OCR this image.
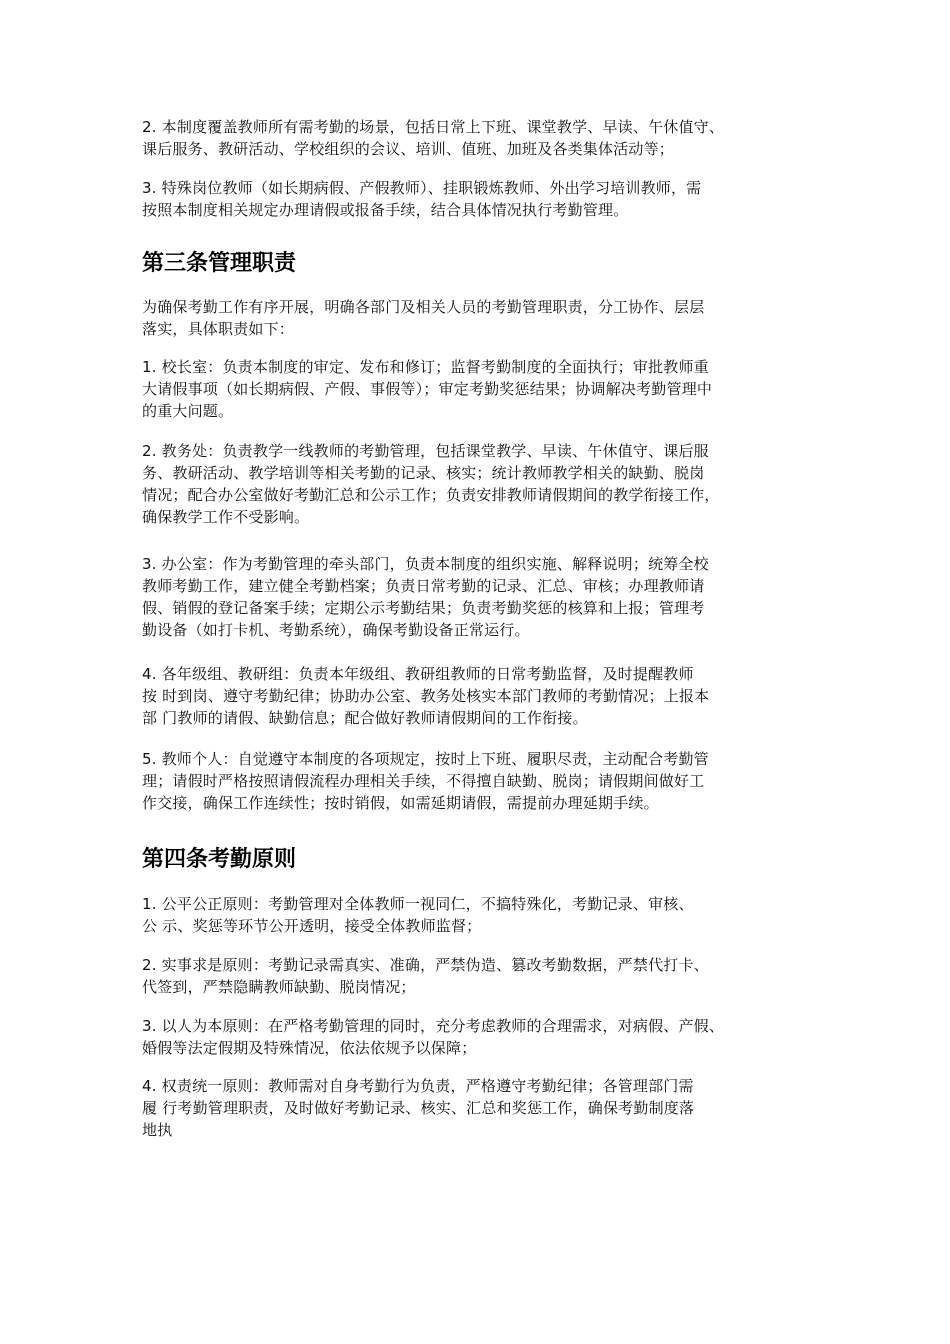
2. 本制度覆盖教师所有需考勤的场景，包括日常上下班、课堂教学、早读、午休值守、
课后服务、教研活动、学校组织的会议、培训、值班、加班及各类集体活动等；
3. 特殊岗位教师（如长期病假、产假教师）、挂职锻炼教师、外出学习培训教师，需
按照本制度相关规定办理请假或报备手续，结合具体情况执行考勤管理。
第三条管理职责
为确保考勤工作有序开展，明确各部门及相关人员的考勤管理职责，分工协作、层层
落实，具体职责如下：
1. 校长室：负责本制度的审定、发布和修订；监督考勤制度的全面执行；审批教师重
大请假事项（如长期病假、产假、事假等）；审定考勤奖惩结果；协调解决考勤管理中
的重大问题。
2. 教务处：负责教学一线教师的考勤管理，包括课堂教学、早读、午休值守、课后服
务、教研活动、教学培训等相关考勤的记录、核实；统计教师教学相关的缺勤、脱岗
情况；配合办公室做好考勤汇总和公示工作；负责安排教师请假期间的教学衔接工作，
确保教学工作不受影响。
3. 办公室：作为考勤管理的牵头部门，负责本制度的组织实施、解释说明；统筹全校
教师考勤工作，建立健全考勤档案；负责日常考勤的记录、汇总、审核；办理教师请
假、销假的登记备案手续；定期公示考勤结果；负责考勤奖惩的核算和上报；管理考
勤设备（如打卡机、考勤系统），确保考勤设备正常运行。
4. 各年级组、教研组：负责本年级组、教研组教师的日常考勤监督，及时提醒教师
按 时到岗、遵守考勤纪律；协助办公室、教务处核实本部门教师的考勤情况；上报本
部 门教师的请假、缺勤信息；配合做好教师请假期间的工作衔接。
5. 教师个人：自觉遵守本制度的各项规定，按时上下班、履职尽责，主动配合考勤管
理；请假时严格按照请假流程办理相关手续，不得擅自缺勤、脱岗；请假期间做好工
作交接，确保工作连续性；按时销假，如需延期请假，需提前办理延期手续。
第四条考勤原则
1. 公平公正原则：考勤管理对全体教师一视同仁，不搞特殊化，考勤记录、审核、
公 示、奖惩等环节公开透明，接受全体教师监督；
2. 实事求是原则：考勤记录需真实、准确，严禁伪造、篡改考勤数据，严禁代打卡、
代签到，严禁隐瞒教师缺勤、脱岗情况；
3. 以人为本原则：在严格考勤管理的同时，充分考虑教师的合理需求，对病假、产假、
婚假等法定假期及特殊情况，依法依规予以保障；
4. 权责统一原则：教师需对自身考勤行为负责，严格遵守考勤纪律；各管理部门需
履 行考勤管理职责，及时做好考勤记录、核实、汇总和奖惩工作，确保考勤制度落
地执
